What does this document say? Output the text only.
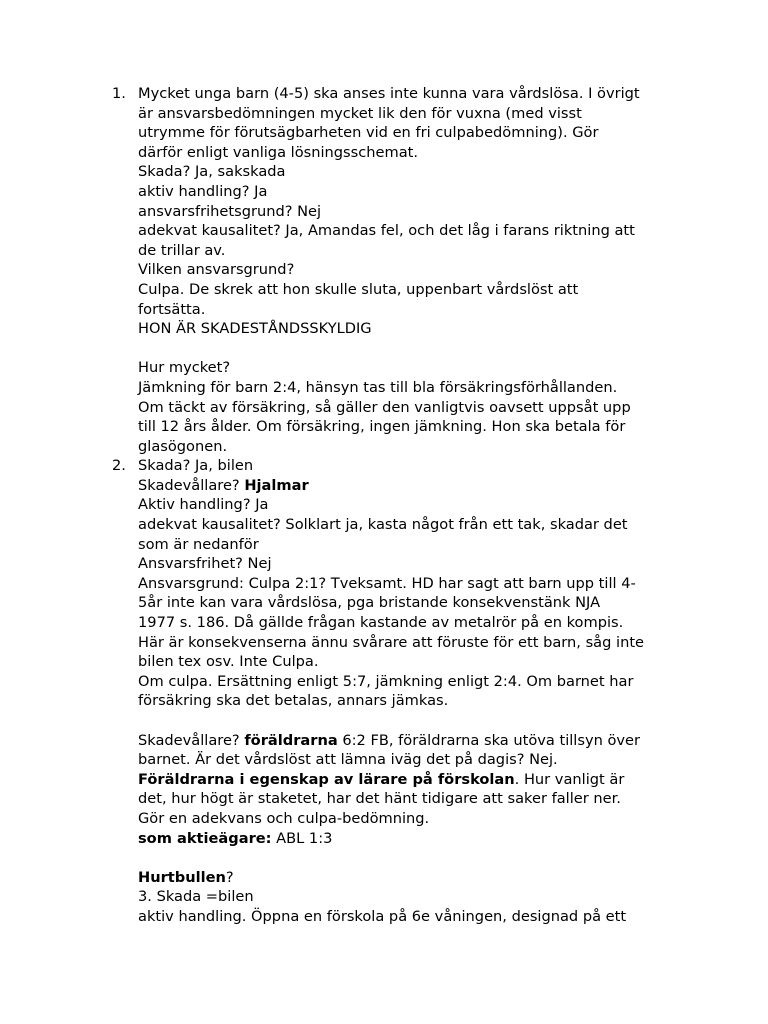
1. Mycket unga barn (4-5) ska anses inte kunna vara vårdslösa. I övrigt
är ansvarsbedömningen mycket lik den för vuxna (med visst
utrymme för förutsägbarheten vid en fri culpabedömning). Gör
därför enligt vanliga lösningsschemat.
Skada? Ja, sakskada
aktiv handling? Ja
ansvarsfrihetsgrund? Nej
adekvat kausalitet? Ja, Amandas fel, och det låg i farans riktning att
de trillar av.
Vilken ansvarsgrund?
Culpa. De skrek att hon skulle sluta, uppenbart vårdslöst att
fortsätta.
HON ÄR SKADESTÅNDSSKYLDIG
Hur mycket?
Jämkning för barn 2:4, hänsyn tas till bla försäkringsförhållanden.
Om täckt av försäkring, så gäller den vanligtvis oavsett uppsåt upp
till 12 års ålder. Om försäkring, ingen jämkning. Hon ska betala för
glasögonen.
2. Skada? Ja, bilen
Skadevållare? Hjalmar
Aktiv handling? Ja
adekvat kausalitet? Solklart ja, kasta något från ett tak, skadar det
som är nedanför
Ansvarsfrihet? Nej
Ansvarsgrund: Culpa 2:1? Tveksamt. HD har sagt att barn upp till 4-
5år inte kan vara vårdslösa, pga bristande konsekvenstänk NJA
1977 s. 186. Då gällde frågan kastande av metalrör på en kompis.
Här är konsekvenserna ännu svårare att föruste för ett barn, såg inte
bilen tex osv. Inte Culpa.
Om culpa. Ersättning enligt 5:7, jämkning enligt 2:4. Om barnet har
försäkring ska det betalas, annars jämkas.
Skadevållare? föräldrarna 6:2 FB, föräldrarna ska utöva tillsyn över
barnet. Är det vårdslöst att lämna iväg det på dagis? Nej.
Föräldrarna i egenskap av lärare på förskolan. Hur vanligt är
det, hur högt är staketet, har det hänt tidigare att saker faller ner.
Gör en adekvans och culpa-bedömning.
som aktieägare: ABL 1:3
Hurtbullen?
3. Skada =bilen
aktiv handling. Öppna en förskola på 6e våningen, designad på ett
